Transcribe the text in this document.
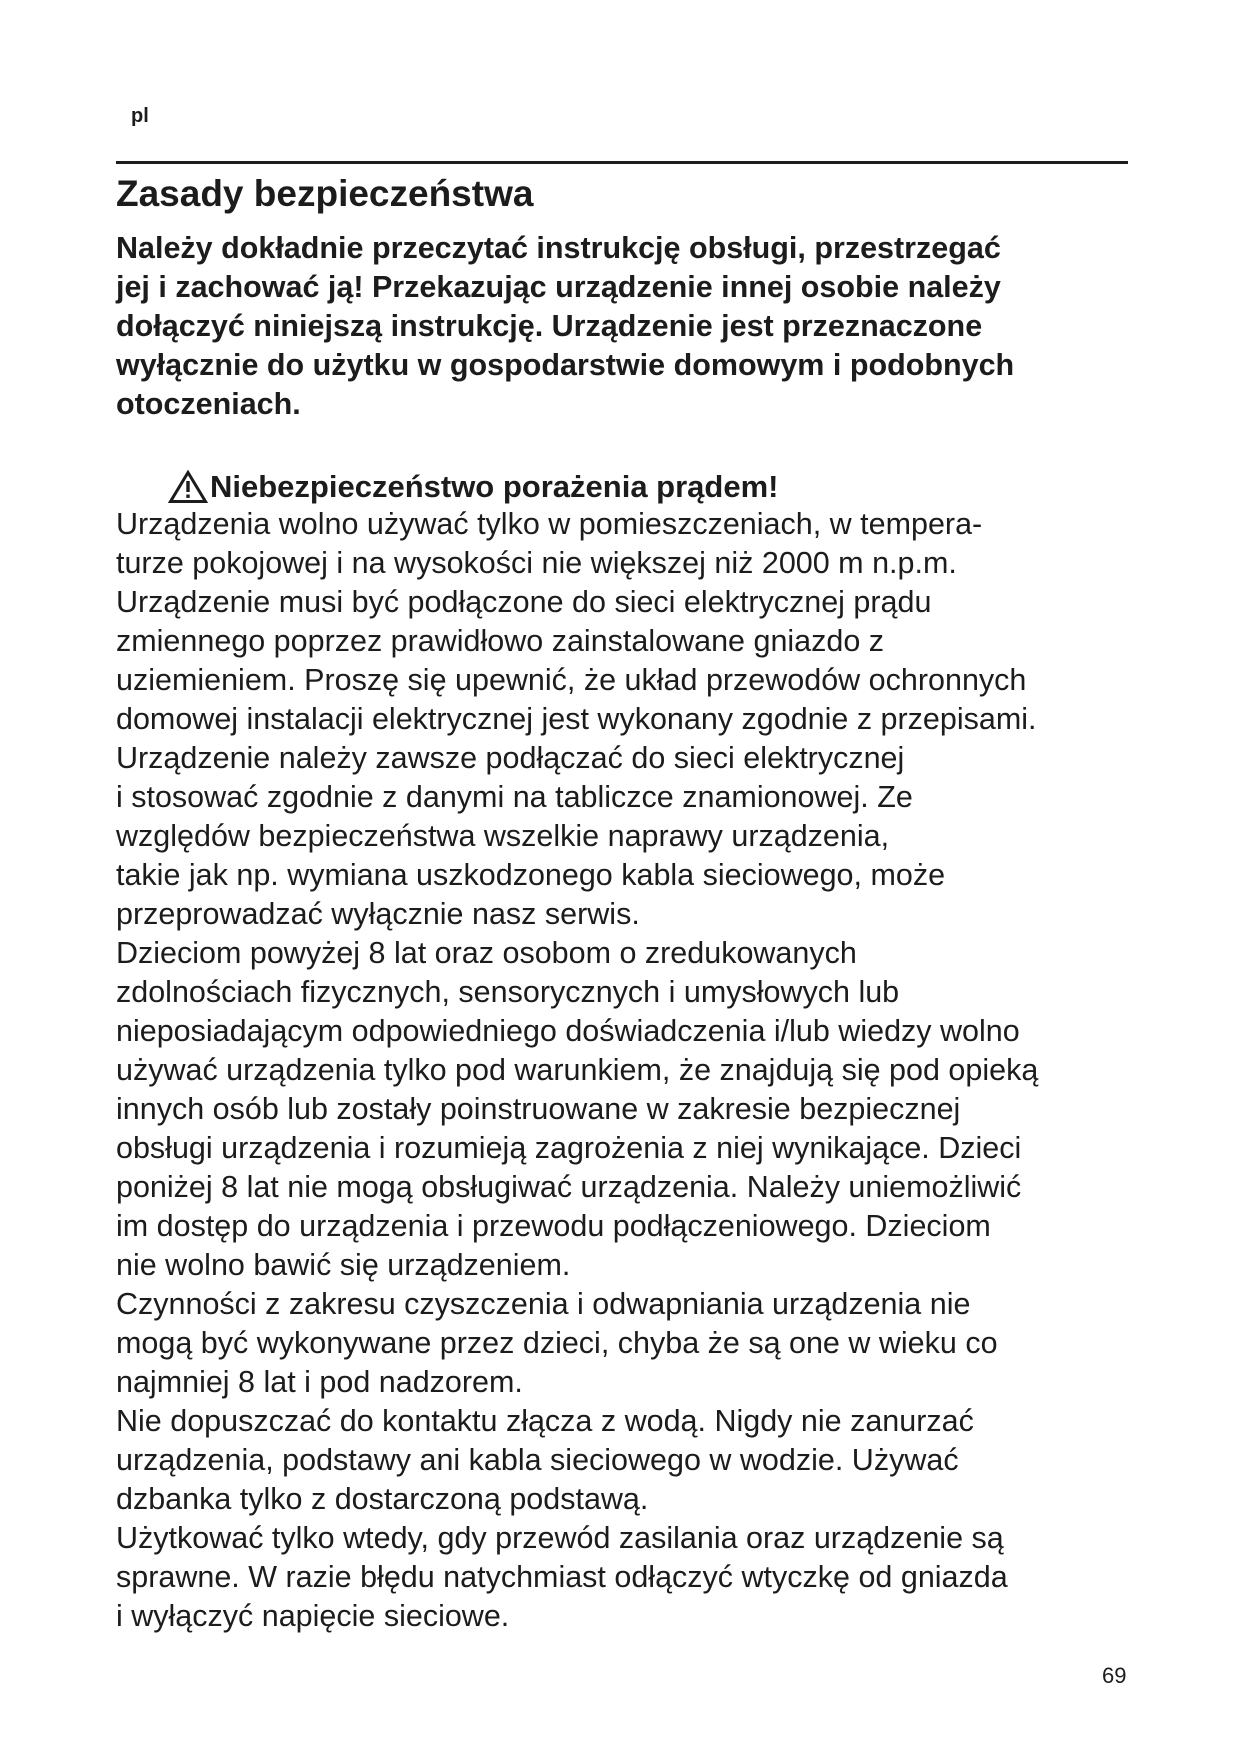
pl
Zasady bezpieczeństwa
Należy dokładnie przeczytać instrukcję obsługi, przestrzegać
jej i zachować ją! Przekazując urządzenie innej osobie należy
dołączyć niniejszą instrukcję. Urządzenie jest przeznaczone
wyłącznie do użytku w gospodarstwie domowym i podobnych
otoczeniach.
Niebezpieczeństwo porażenia prądem!
Urządzenia wolno używać tylko w pomieszczeniach, w tempera-
turze pokojowej i na wysokości nie większej niż 2000 m n.p.m.
Urządzenie musi być podłączone do sieci elektrycznej prądu
zmiennego poprzez prawidłowo zainstalowane gniazdo z
uziemieniem. Proszę się upewnić, że układ przewodów ochronnych
domowej instalacji elektrycznej jest wykonany zgodnie z przepisami.
Urządzenie należy zawsze podłączać do sieci elektrycznej
i stosować zgodnie z danymi na tabliczce znamionowej. Ze
względów bezpieczeństwa wszelkie naprawy urządzenia,
takie jak np. wymiana uszkodzonego kabla sieciowego, może
przeprowadzać wyłącznie nasz serwis.
Dzieciom powyżej 8 lat oraz osobom o zredukowanych
zdolnościach fizycznych, sensorycznych i umysłowych lub
nieposiadającym odpowiedniego doświadczenia i/lub wiedzy wolno
używać urządzenia tylko pod warunkiem, że znajdują się pod opieką
innych osób lub zostały poinstruowane w zakresie bezpiecznej
obsługi urządzenia i rozumieją zagrożenia z niej wynikające. Dzieci
poniżej 8 lat nie mogą obsługiwać urządzenia. Należy uniemożliwić
im dostęp do urządzenia i przewodu podłączeniowego. Dzieciom
nie wolno bawić się urządzeniem.
Czynności z zakresu czyszczenia i odwapniania urządzenia nie
mogą być wykonywane przez dzieci, chyba że są one w wieku co
najmniej 8 lat i pod nadzorem.
Nie dopuszczać do kontaktu złącza z wodą. Nigdy nie zanurzać
urządzenia, podstawy ani kabla sieciowego w wodzie. Używać
dzbanka tylko z dostarczoną podstawą.
Użytkować tylko wtedy, gdy przewód zasilania oraz urządzenie są
sprawne. W razie błędu natychmiast odłączyć wtyczkę od gniazda
i wyłączyć napięcie sieciowe.
69
